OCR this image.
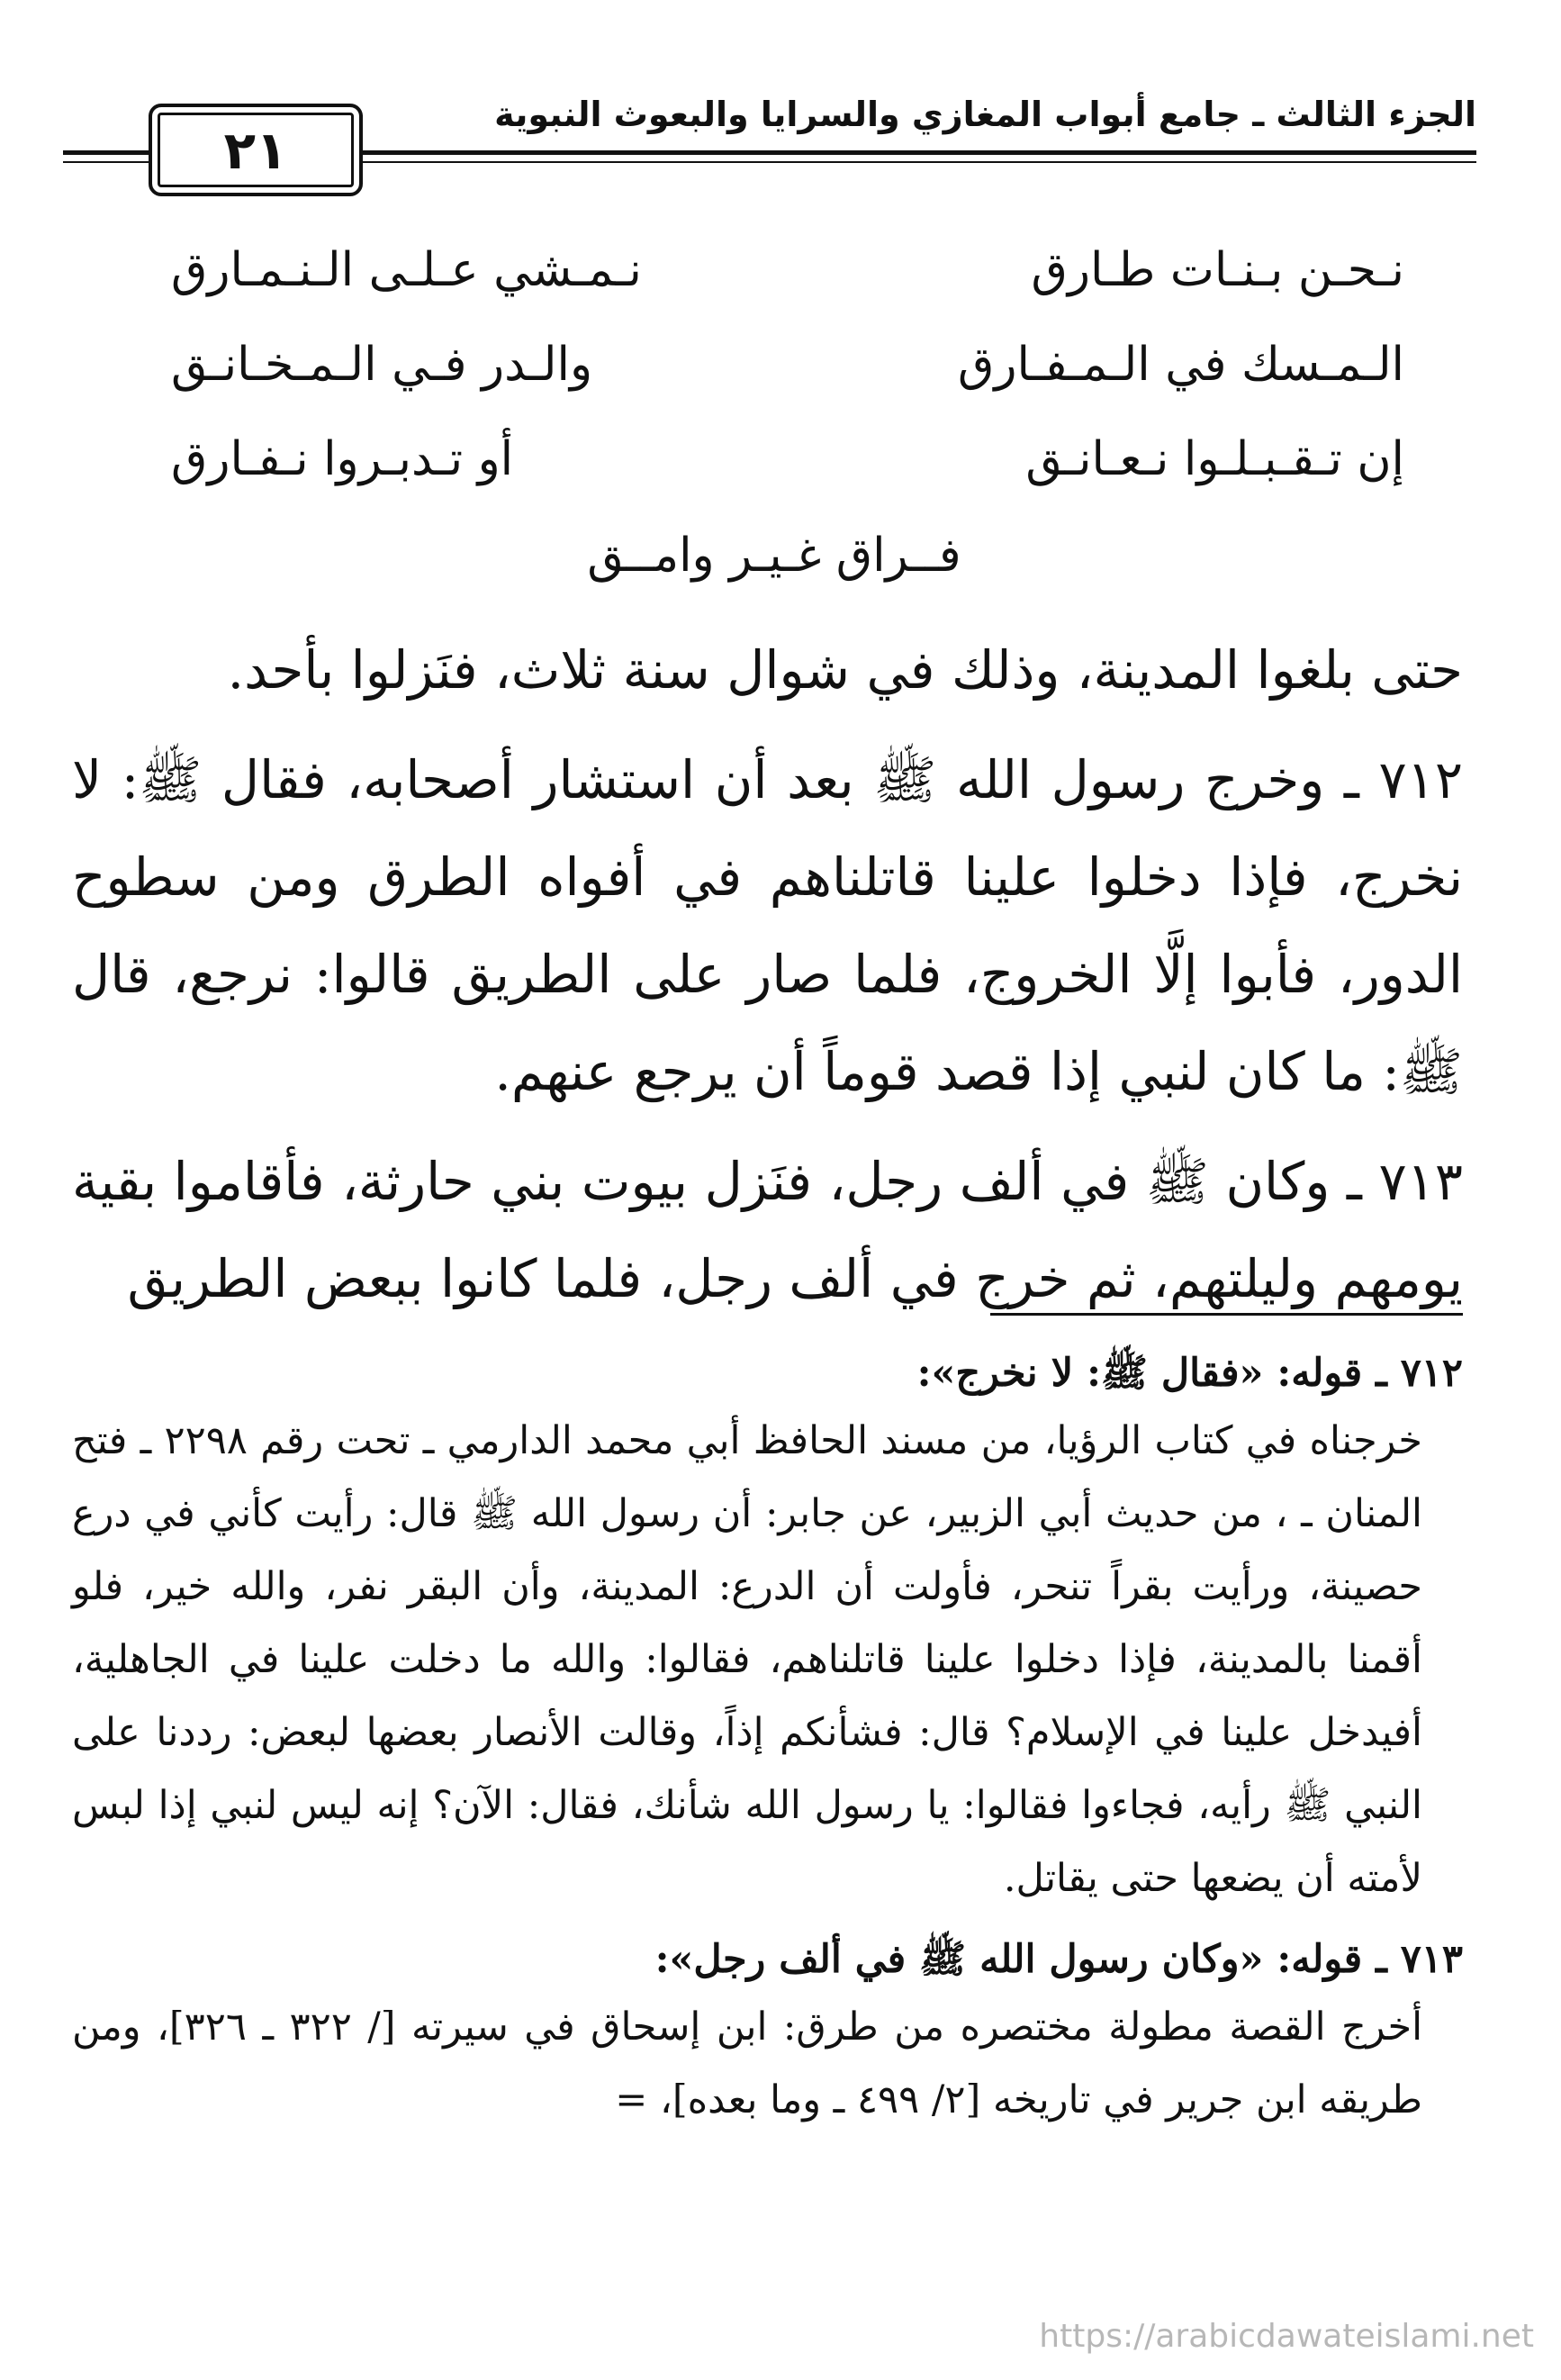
الجزء الثالث ـ جامع أبواب المغازي والسرايا والبعوث النبوية
٢١
نـحـن بـنـات طـارق
نـمـشي عـلـى الـنـمـارق
الـمـسك في الـمـفـارق
والـدر فـي الـمـخـانـق
إن تـقـبـلـوا نـعـانـق
أو تـدبـروا نـفـارق
فــراق غـيـر وامــق

حتى بلغوا المدينة، وذلك في شوال سنة ثلاث، فنَزلوا بأحد.

٧١٢ ـ وخرج رسول الله ﷺ بعد أن استشار أصحابه، فقال ﷺ: لا نخرج، فإذا دخلوا علينا قاتلناهم في أفواه الطرق ومن سطوح الدور، فأبوا إلَّا الخروج، فلما صار على الطريق قالوا: نرجع، قال ﷺ: ما كان لنبي إذا قصد قوماً أن يرجع عنهم.

٧١٣ ـ وكان ﷺ في ألف رجل، فنَزل بيوت بني حارثة، فأقاموا بقية يومهم وليلتهم، ثم خرج في ألف رجل، فلما كانوا ببعض الطريق

٧١٢ ـ قوله: «فقال ﷺ: لا نخرج»:

خرجناه في كتاب الرؤيا، من مسند الحافظ أبي محمد الدارمي ـ تحت رقم ٢٢٩٨ ـ فتح المنان ـ ، من حديث أبي الزبير، عن جابر: أن رسول الله ﷺ قال: رأيت كأني في درع حصينة، ورأيت بقراً تنحر، فأولت أن الدرع: المدينة، وأن البقر نفر، والله خير، فلو أقمنا بالمدينة، فإذا دخلوا علينا قاتلناهم، فقالوا: والله ما دخلت علينا في الجاهلية، أفيدخل علينا في الإسلام؟ قال: فشأنكم إذاً، وقالت الأنصار بعضها لبعض: رددنا على النبي ﷺ رأيه، فجاءوا فقالوا: يا رسول الله شأنك، فقال: الآن؟ إنه ليس لنبي إذا لبس لأمته أن يضعها حتى يقاتل.

٧١٣ ـ قوله: «وكان رسول الله ﷺ في ألف رجل»:

أخرج القصة مطولة مختصره من طرق: ابن إسحاق في سيرته [/ ٣٢٢ ـ ٣٢٦]، ومن طريقه ابن جرير في تاريخه [٢/ ٤٩٩ ـ وما بعده]، =

https://arabicdawateislami.net
